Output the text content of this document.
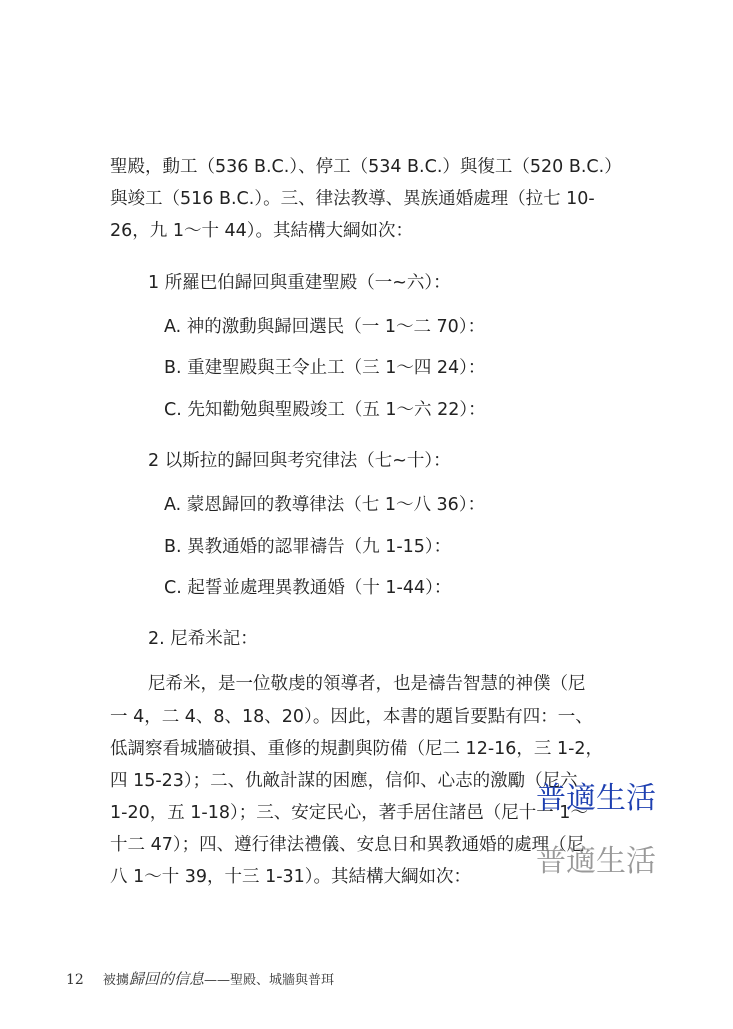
聖殿，動工（536 B.C.）、停工（534 B.C.）與復工（520 B.C.）
與竣工（516 B.C.）。三、律法教導、異族通婚處理（拉七 10-
26，九 1～十 44）。其結構大綱如次：
1 所羅巴伯歸回與重建聖殿（一~六）：
A. 神的激動與歸回選民（一 1～二 70）：
B. 重建聖殿與王令止工（三 1～四 24）：
C. 先知勸勉與聖殿竣工（五 1～六 22）：
2 以斯拉的歸回與考究律法（七~十）：
A. 蒙恩歸回的教導律法（七 1～八 36）：
B. 異教通婚的認罪禱告（九 1-15）：
C. 起誓並處理異教通婚（十 1-44）：
2. 尼希米記：
尼希米，是一位敬虔的領導者，也是禱告智慧的神僕（尼
一 4，二 4、8、18、20）。因此，本書的題旨要點有四：一、
低調察看城牆破損、重修的規劃與防備（尼二 12-16，三 1-2，
四 15-23）；二、仇敵計謀的困應，信仰、心志的激勵（尼六
1-20，五 1-18）；三、安定民心，著手居住諸邑（尼十一 1～
十二 47）；四、遵行律法禮儀、安息日和異教通婚的處理（尼
八 1～十 39，十三 1-31）。其結構大綱如次：
普適生活
普適生活
12 被擄歸回的信息——聖殿、城牆與普珥
